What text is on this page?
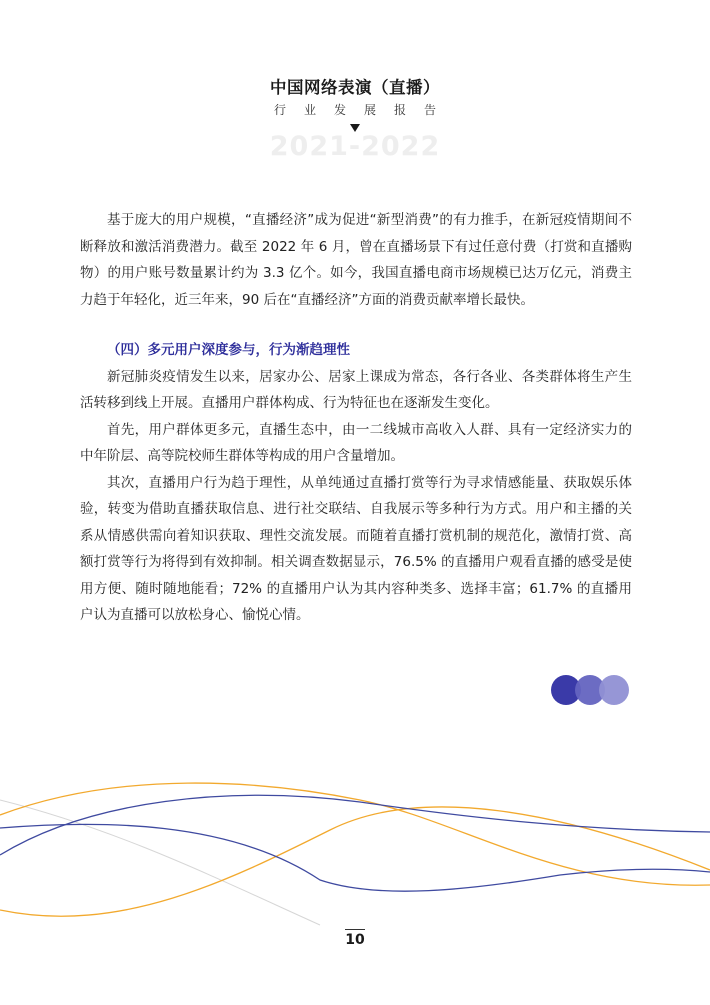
中国网络表演（直播）
行业发展报告
2021-2022

基于庞大的用户规模，“直播经济”成为促进“新型消费”的有力推手，在新冠疫情期间不断释放和激活消费潜力。截至 2022 年 6 月，曾在直播场景下有过任意付费（打赏和直播购物）的用户账号数量累计约为 3.3 亿个。如今，我国直播电商市场规模已达万亿元，消费主力趋于年轻化，近三年来，90 后在“直播经济”方面的消费贡献率增长最快。

（四）多元用户深度参与，行为渐趋理性

新冠肺炎疫情发生以来，居家办公、居家上课成为常态，各行各业、各类群体将生产生活转移到线上开展。直播用户群体构成、行为特征也在逐渐发生变化。

首先，用户群体更多元，直播生态中，由一二线城市高收入人群、具有一定经济实力的中年阶层、高等院校师生群体等构成的用户含量增加。

其次，直播用户行为趋于理性，从单纯通过直播打赏等行为寻求情感能量、获取娱乐体验，转变为借助直播获取信息、进行社交联结、自我展示等多种行为方式。用户和主播的关系从情感供需向着知识获取、理性交流发展。而随着直播打赏机制的规范化，激情打赏、高额打赏等行为将得到有效抑制。相关调查数据显示，76.5% 的直播用户观看直播的感受是使用方便、随时随地能看；72% 的直播用户认为其内容种类多、选择丰富；61.7% 的直播用户认为直播可以放松身心、愉悦心情。

10
